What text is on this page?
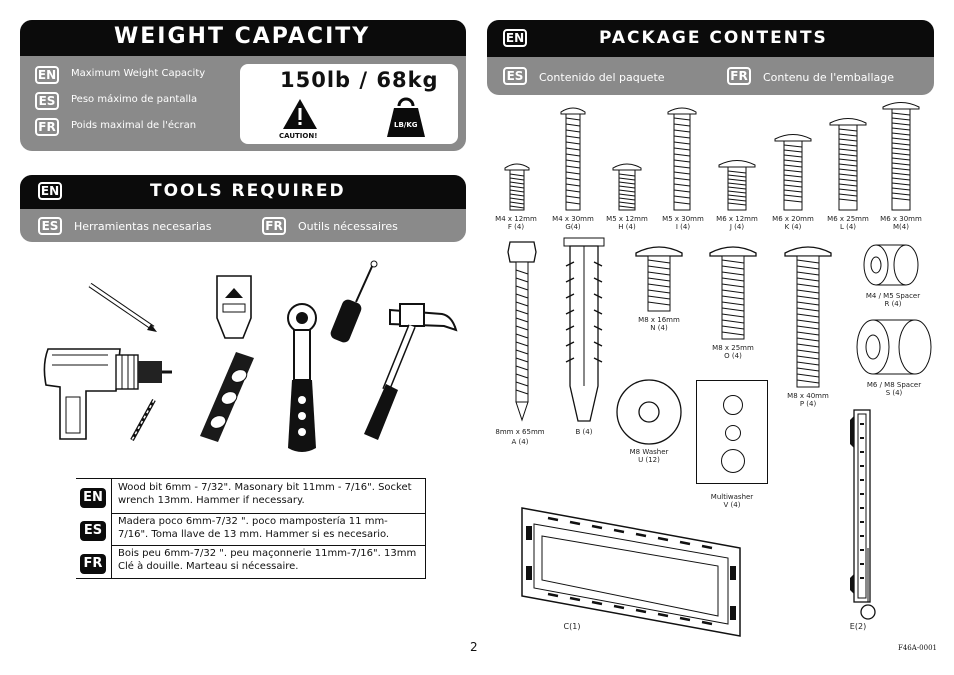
WEIGHT CAPACITY
EN Maximum Weight Capacity
ES	Peso máximo de pantalla
FR	Poids maximal de l'écran
150lb / 68kg
CAUTION!
LB/KG
EN	TOOLS REQUIRED
ES	Herramientas necesarias	FR Outils nécessaires
EN
Wood bit 6mm - 7/32". Masonary bit 11mm - 7/16". Socket wrench 13mm. Hammer if necessary.
ES
Madera poco 6mm-7/32 ". poco mampostería 11 mm-7/16". Toma llave de 13 mm. Hammer si es necesario.
FR
Bois peu 6mm-7/32 ". peu maçonnerie 11mm-7/16". 13mm Clé à douille. Marteau si nécessaire.
EN	PACKAGE CONTENTS
ES	Contenido del paquete	FR Contenu de l'emballage
M4 x 12mm
F (4)
M4 x 30mm
G(4)
M5 x 12mm
H (4)
M5 x 30mm
I (4)
M6 x 12mm
J (4)
M6 x 20mm
K (4)
M6 x 25mm
L (4)
M6 x 30mm
M(4)
8mm x 65mm
A (4)
B (4)
M8 x 16mm
N (4)
M8 x 25mm
O (4)
M8 x 40mm
P (4)
M4 / M5 Spacer
R (4)
M6 / M8 Spacer
S (4)
M8 Washer
U (12)
Multiwasher
V (4)
C(1)	E(2)
2	F46A-0001
